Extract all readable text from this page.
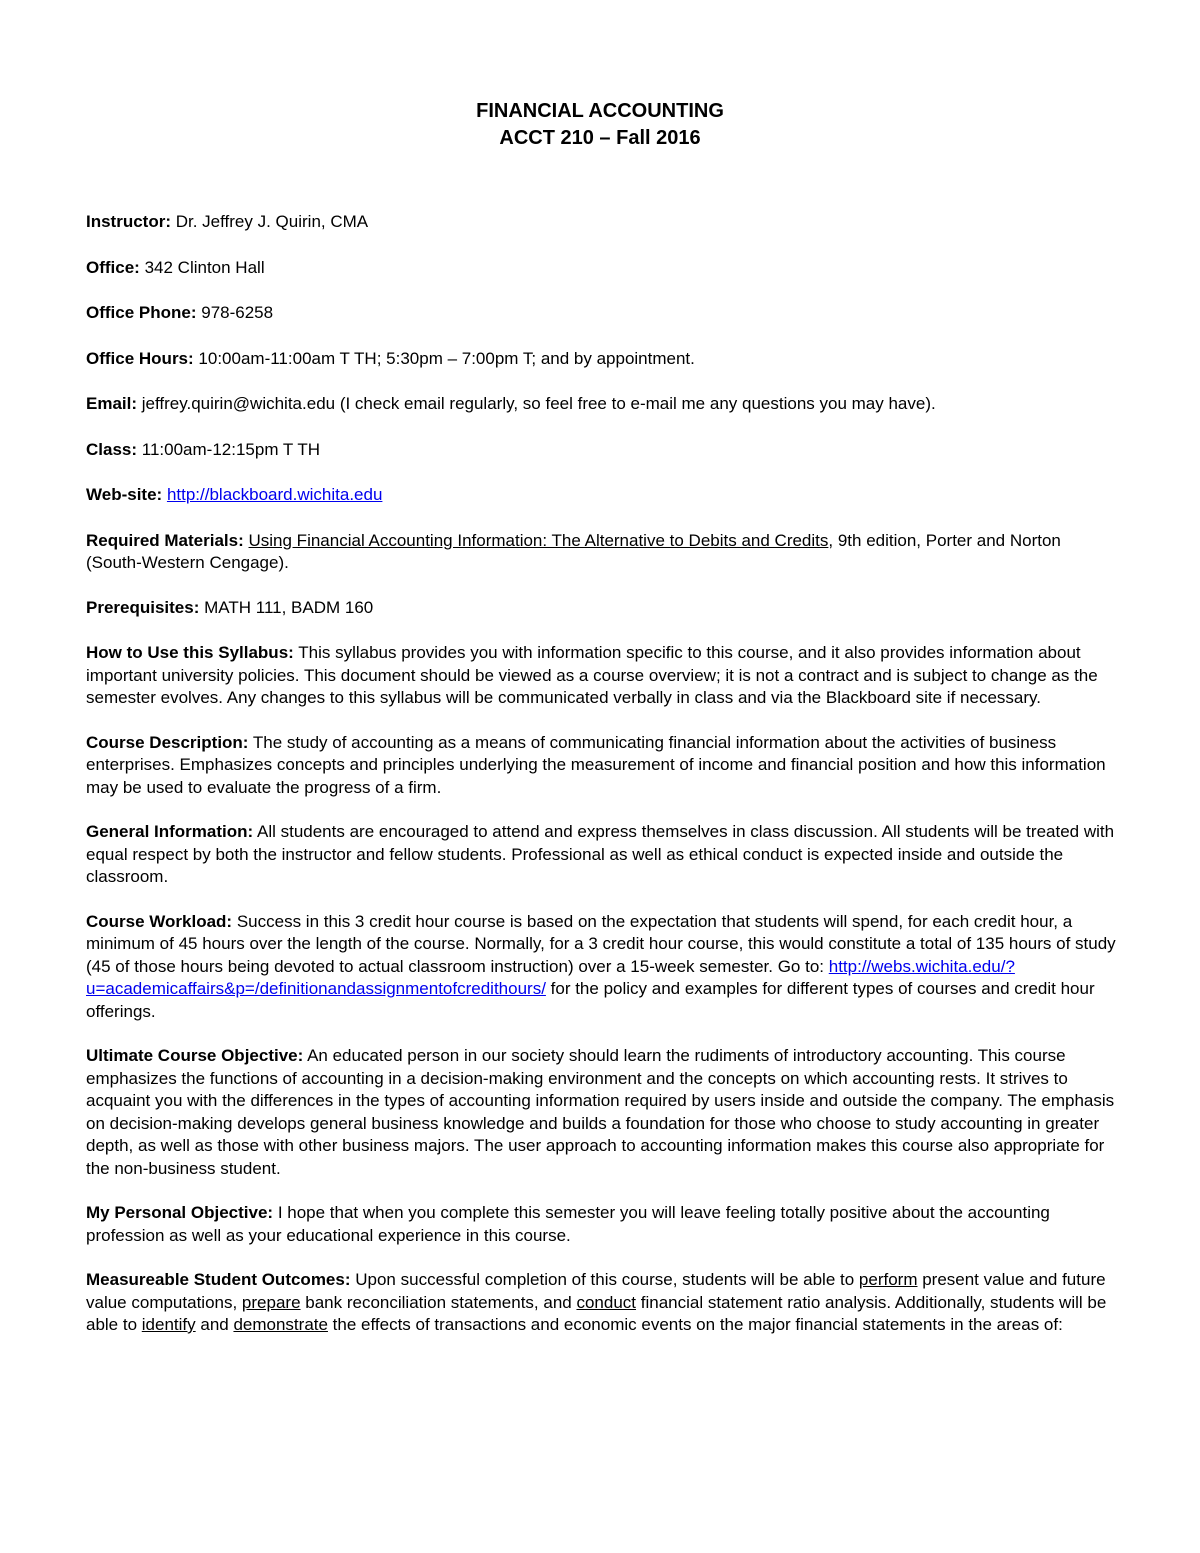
FINANCIAL ACCOUNTING
ACCT 210 – Fall 2016
Instructor: Dr. Jeffrey J. Quirin, CMA
Office: 342 Clinton Hall
Office Phone: 978-6258
Office Hours: 10:00am-11:00am T TH; 5:30pm – 7:00pm T; and by appointment.
Email: jeffrey.quirin@wichita.edu (I check email regularly, so feel free to e-mail me any questions you may have).
Class: 11:00am-12:15pm T TH
Web-site: http://blackboard.wichita.edu
Required Materials: Using Financial Accounting Information: The Alternative to Debits and Credits, 9th edition, Porter and Norton (South-Western Cengage).
Prerequisites: MATH 111, BADM 160
How to Use this Syllabus: This syllabus provides you with information specific to this course, and it also provides information about important university policies. This document should be viewed as a course overview; it is not a contract and is subject to change as the semester evolves. Any changes to this syllabus will be communicated verbally in class and via the Blackboard site if necessary.
Course Description: The study of accounting as a means of communicating financial information about the activities of business enterprises. Emphasizes concepts and principles underlying the measurement of income and financial position and how this information may be used to evaluate the progress of a firm.
General Information: All students are encouraged to attend and express themselves in class discussion. All students will be treated with equal respect by both the instructor and fellow students. Professional as well as ethical conduct is expected inside and outside the classroom.
Course Workload: Success in this 3 credit hour course is based on the expectation that students will spend, for each credit hour, a minimum of 45 hours over the length of the course. Normally, for a 3 credit hour course, this would constitute a total of 135 hours of study (45 of those hours being devoted to actual classroom instruction) over a 15-week semester. Go to: http://webs.wichita.edu/?u=academicaffairs&p=/definitionandassignmentofcredithours/ for the policy and examples for different types of courses and credit hour offerings.
Ultimate Course Objective: An educated person in our society should learn the rudiments of introductory accounting. This course emphasizes the functions of accounting in a decision-making environment and the concepts on which accounting rests. It strives to acquaint you with the differences in the types of accounting information required by users inside and outside the company. The emphasis on decision-making develops general business knowledge and builds a foundation for those who choose to study accounting in greater depth, as well as those with other business majors. The user approach to accounting information makes this course also appropriate for the non-business student.
My Personal Objective: I hope that when you complete this semester you will leave feeling totally positive about the accounting profession as well as your educational experience in this course.
Measureable Student Outcomes: Upon successful completion of this course, students will be able to perform present value and future value computations, prepare bank reconciliation statements, and conduct financial statement ratio analysis. Additionally, students will be able to identify and demonstrate the effects of transactions and economic events on the major financial statements in the areas of:
